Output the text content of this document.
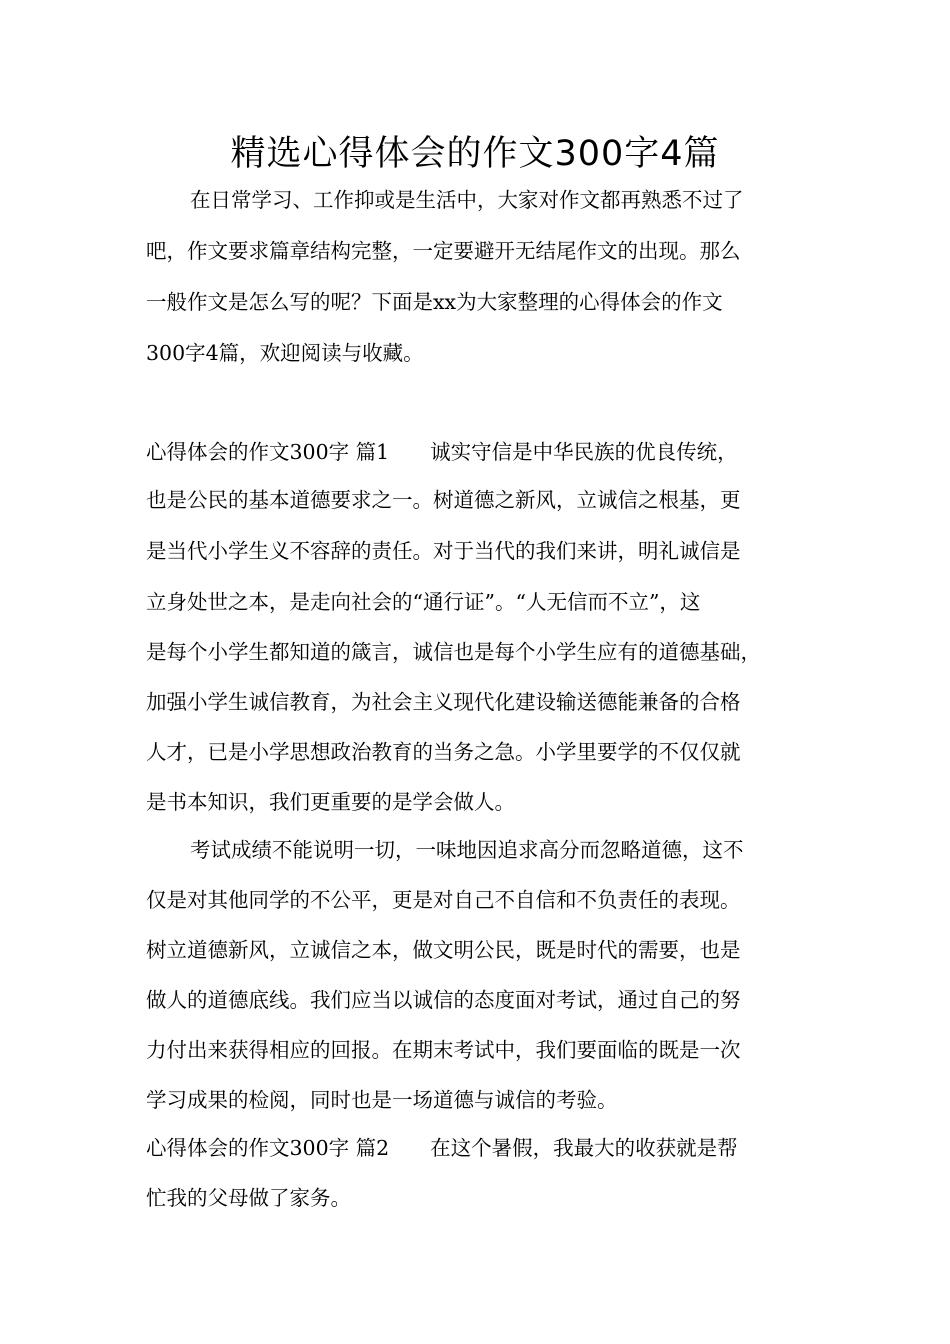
精选心得体会的作文300字4篇
在日常学习、工作抑或是生活中，大家对作文都再熟悉不过了
吧，作文要求篇章结构完整，一定要避开无结尾作文的出现。那么
一般作文是怎么写的呢？下面是xx为大家整理的心得体会的作文
300字4篇，欢迎阅读与收藏。
心得体会的作文300字 篇1　　诚实守信是中华民族的优良传统，
也是公民的基本道德要求之一。树道德之新风，立诚信之根基，更
是当代小学生义不容辞的责任。对于当代的我们来讲，明礼诚信是
立身处世之本，是走向社会的“通行证”。“人无信而不立”，这
是每个小学生都知道的箴言，诚信也是每个小学生应有的道德基础，
加强小学生诚信教育，为社会主义现代化建设输送德能兼备的合格
人才，已是小学思想政治教育的当务之急。小学里要学的不仅仅就
是书本知识，我们更重要的是学会做人。
考试成绩不能说明一切，一味地因追求高分而忽略道德，这不
仅是对其他同学的不公平，更是对自己不自信和不负责任的表现。
树立道德新风，立诚信之本，做文明公民，既是时代的需要，也是
做人的道德底线。我们应当以诚信的态度面对考试，通过自己的努
力付出来获得相应的回报。在期末考试中，我们要面临的既是一次
学习成果的检阅，同时也是一场道德与诚信的考验。
心得体会的作文300字 篇2　　在这个暑假，我最大的收获就是帮
忙我的父母做了家务。
